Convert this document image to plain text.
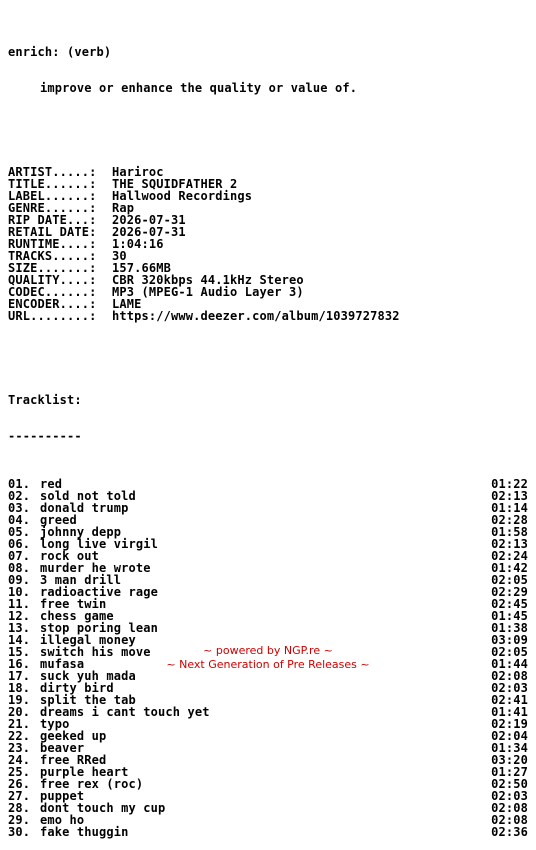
enrich: (verb)

improve or enhance the quality or value of.

ARTIST.....:	Hariroc
TITLE......:	THE SQUIDFATHER 2
LABEL......:	Hallwood Recordings
GENRE......:	Rap
RIP DATE...:	2026-07-31
RETAIL DATE:	2026-07-31
RUNTIME....:	1:04:16
TRACKS.....:	30
SIZE.......:	157.66MB
QUALITY....:	CBR 320kbps 44.1kHz Stereo
CODEC......:	MP3 (MPEG-1 Audio Layer 3)
ENCODER....:	LAME
URL........:	https://www.deezer.com/album/1039727832

Tracklist:

----------

01. red	01:22
02. sold not told	02:13
03. donald trump	01:14
04. greed	02:28
05. johnny depp	01:58
06. long live virgil	02:13
07. rock out	02:24
08. murder he wrote	01:42
09. 3 man drill	02:05
10. radioactive rage	02:29
11. free twin	02:45
12. chess game	01:45
13. stop poring lean	01:38
14. illegal money	03:09
15. switch his move	02:05
16. mufasa	01:44
17. suck yuh mada	02:08
18. dirty bird	02:03
19. split the tab	02:41
20. dreams i cant touch yet	01:41
21. typo	02:19
22. geeked up	02:04
23. beaver	01:34
24. free RRed	03:20
25. purple heart	01:27
26. free rex (roc)	02:50
27. puppet	02:03
28. dont touch my cup	02:08
29. emo ho	02:08
30. fake thuggin	02:36

~ powered by NGP.re ~
~ Next Generation of Pre Releases ~
